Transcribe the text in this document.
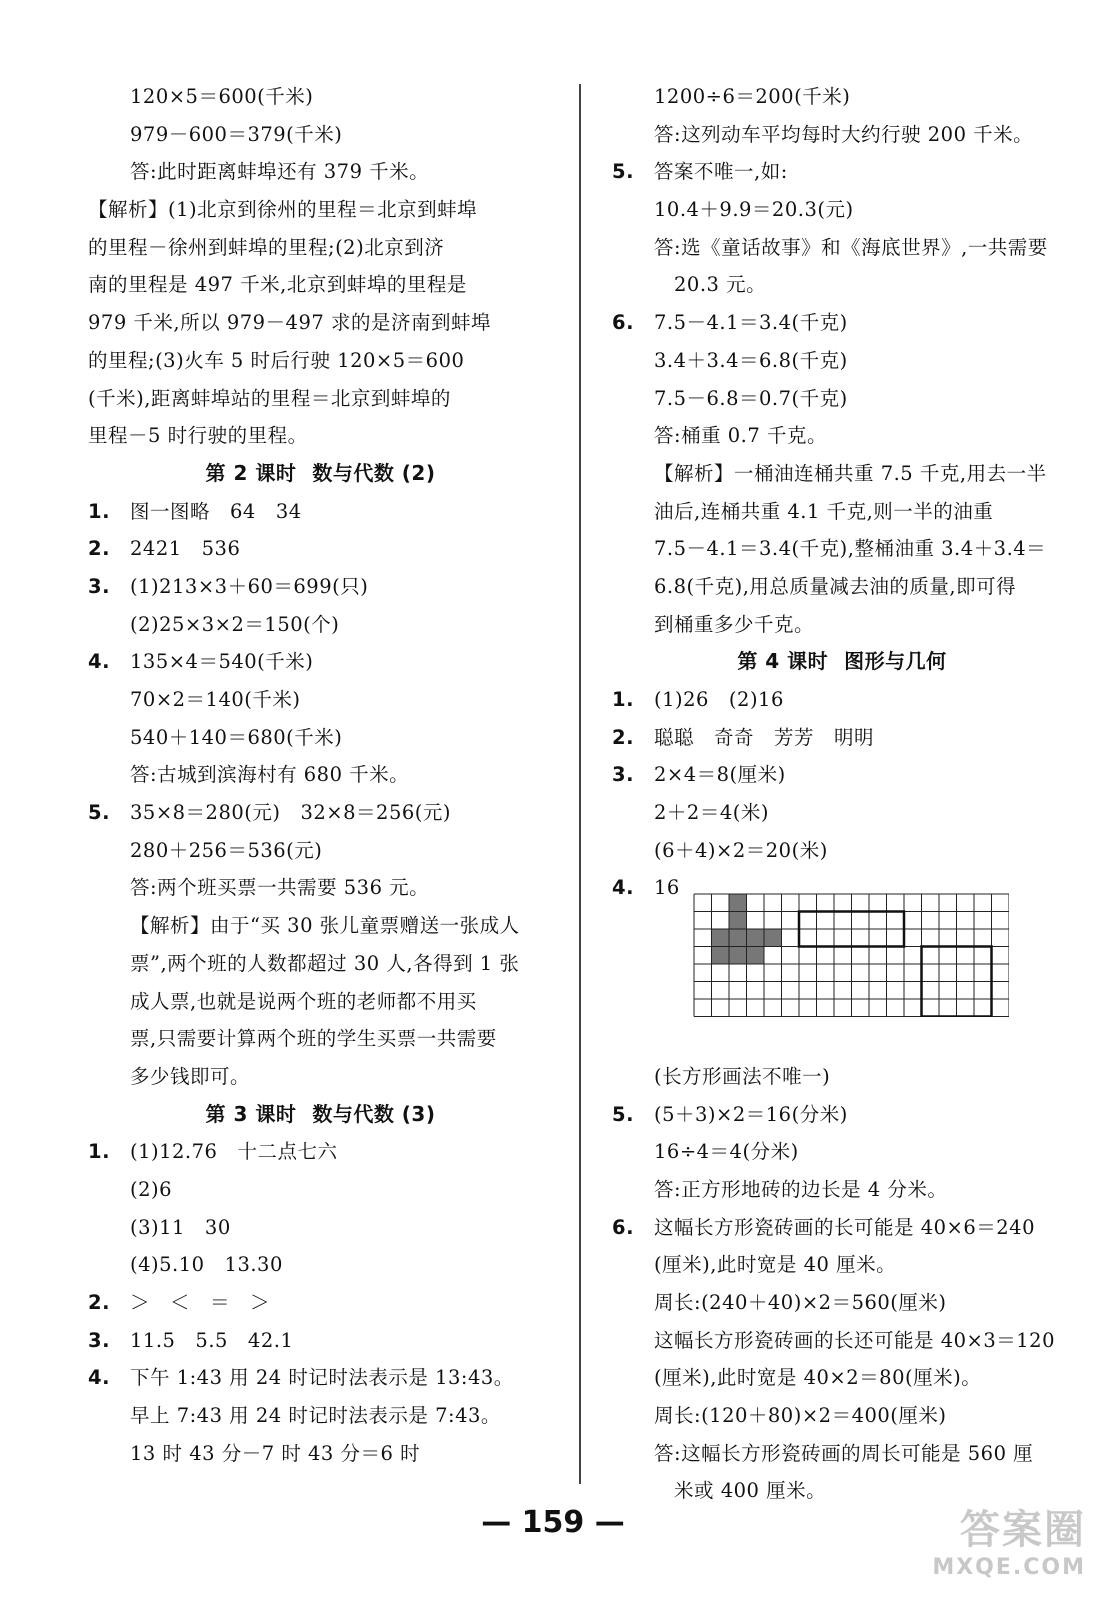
120×5＝600(千米)
979－600＝379(千米)
答:此时距离蚌埠还有 379 千米。
【解析】(1)北京到徐州的里程＝北京到蚌埠
的里程－徐州到蚌埠的里程;(2)北京到济
南的里程是 497 千米,北京到蚌埠的里程是
979 千米,所以 979－497 求的是济南到蚌埠
的里程;(3)火车 5 时后行驶 120×5＝600
(千米),距离蚌埠站的里程＝北京到蚌埠的
里程－5 时行驶的里程。
第 2 课时 数与代数 (2)
1. 图一图略　64　34
2. 2421　536
3. (1)213×3＋60＝699(只)
(2)25×3×2＝150(个)
4. 135×4＝540(千米)
70×2＝140(千米)
540＋140＝680(千米)
答:古城到滨海村有 680 千米。
5. 35×8＝280(元)　32×8＝256(元)
280＋256＝536(元)
答:两个班买票一共需要 536 元。
【解析】由于“买 30 张儿童票赠送一张成人
票”,两个班的人数都超过 30 人,各得到 1 张
成人票,也就是说两个班的老师都不用买
票,只需要计算两个班的学生买票一共需要
多少钱即可。
第 3 课时 数与代数 (3)
1. (1)12.76　十二点七六
(2)6
(3)11　30
(4)5.10　13.30
2. ＞　＜　＝　＞
3. 11.5　5.5　42.1
4. 下午 1:43 用 24 时记时法表示是 13:43。
早上 7:43 用 24 时记时法表示是 7:43。
13 时 43 分－7 时 43 分＝6 时
1200÷6＝200(千米)
答:这列动车平均每时大约行驶 200 千米。
5. 答案不唯一,如:
10.4＋9.9＝20.3(元)
答:选《童话故事》和《海底世界》,一共需要
20.3 元。
6. 7.5－4.1＝3.4(千克)
3.4＋3.4＝6.8(千克)
7.5－6.8＝0.7(千克)
答:桶重 0.7 千克。
【解析】一桶油连桶共重 7.5 千克,用去一半
油后,连桶共重 4.1 千克,则一半的油重
7.5－4.1＝3.4(千克),整桶油重 3.4＋3.4＝
6.8(千克),用总质量减去油的质量,即可得
到桶重多少千克。
第 4 课时 图形与几何
1. (1)26　(2)16
2. 聪聪　奇奇　芳芳　明明
3. 2×4＝8(厘米)
2＋2＝4(米)
(6＋4)×2＝20(米)
4. 16
(长方形画法不唯一)
5. (5＋3)×2＝16(分米)
16÷4＝4(分米)
答:正方形地砖的边长是 4 分米。
6. 这幅长方形瓷砖画的长可能是 40×6＝240
(厘米),此时宽是 40 厘米。
周长:(240＋40)×2＝560(厘米)
这幅长方形瓷砖画的长还可能是 40×3＝120
(厘米),此时宽是 40×2＝80(厘米)。
周长:(120＋80)×2＝400(厘米)
答:这幅长方形瓷砖画的周长可能是 560 厘
米或 400 厘米。
— 159 —	答案圈
MXQE.COM
